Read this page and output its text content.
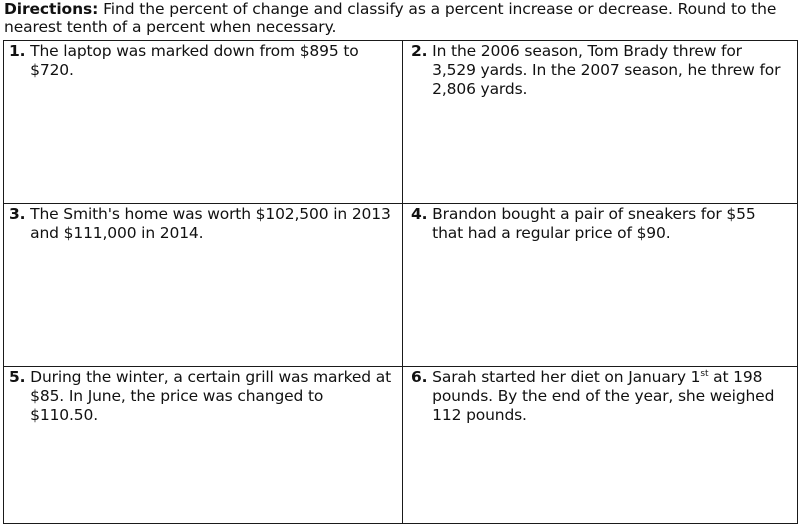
Directions: Find the percent of change and classify as a percent increase or decrease. Round to the nearest tenth of a percent when necessary.
1.
The laptop was marked down from $895 to $720.
2.
In the 2006 season, Tom Brady threw for 3,529 yards. In the 2007 season, he threw for 2,806 yards.
3.
The Smith's home was worth $102,500 in 2013 and $111,000 in 2014.
4.
Brandon bought a pair of sneakers for $55 that had a regular price of $90.
5.
During the winter, a certain grill was marked at $85. In June, the price was changed to $110.50.
6.
Sarah started her diet on January 1st at 198 pounds. By the end of the year, she weighed 112 pounds.
